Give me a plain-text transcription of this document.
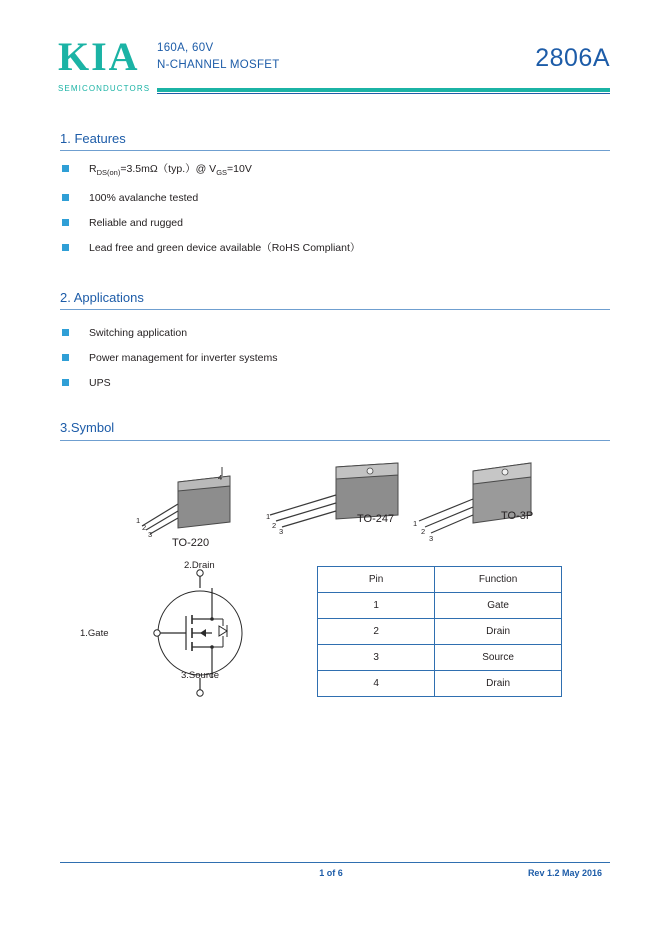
KIA
SEMICONDUCTORS
160A, 60V
N-CHANNEL MOSFET	2806A
1. Features
$R_{DS(on)}=3.5m\Omega(typ.)@$ $V_{GS}=10V$
100% avalanche tested
Reliable and rugged
Lead free and green device available（RoHS Compliant）
2. Applications
Switching application
Power management for inverter systems
UPS
3.Symbol
1
2
3
4
TO-220
1
2
3
TO-247	1
2
3
TO-3P
2.Drain
1.Gate
3.Source
Pin	Function
1	Gate
2	Drain
3	Source
4	Drain
1 of 6	Rev 1.2 May 2016
